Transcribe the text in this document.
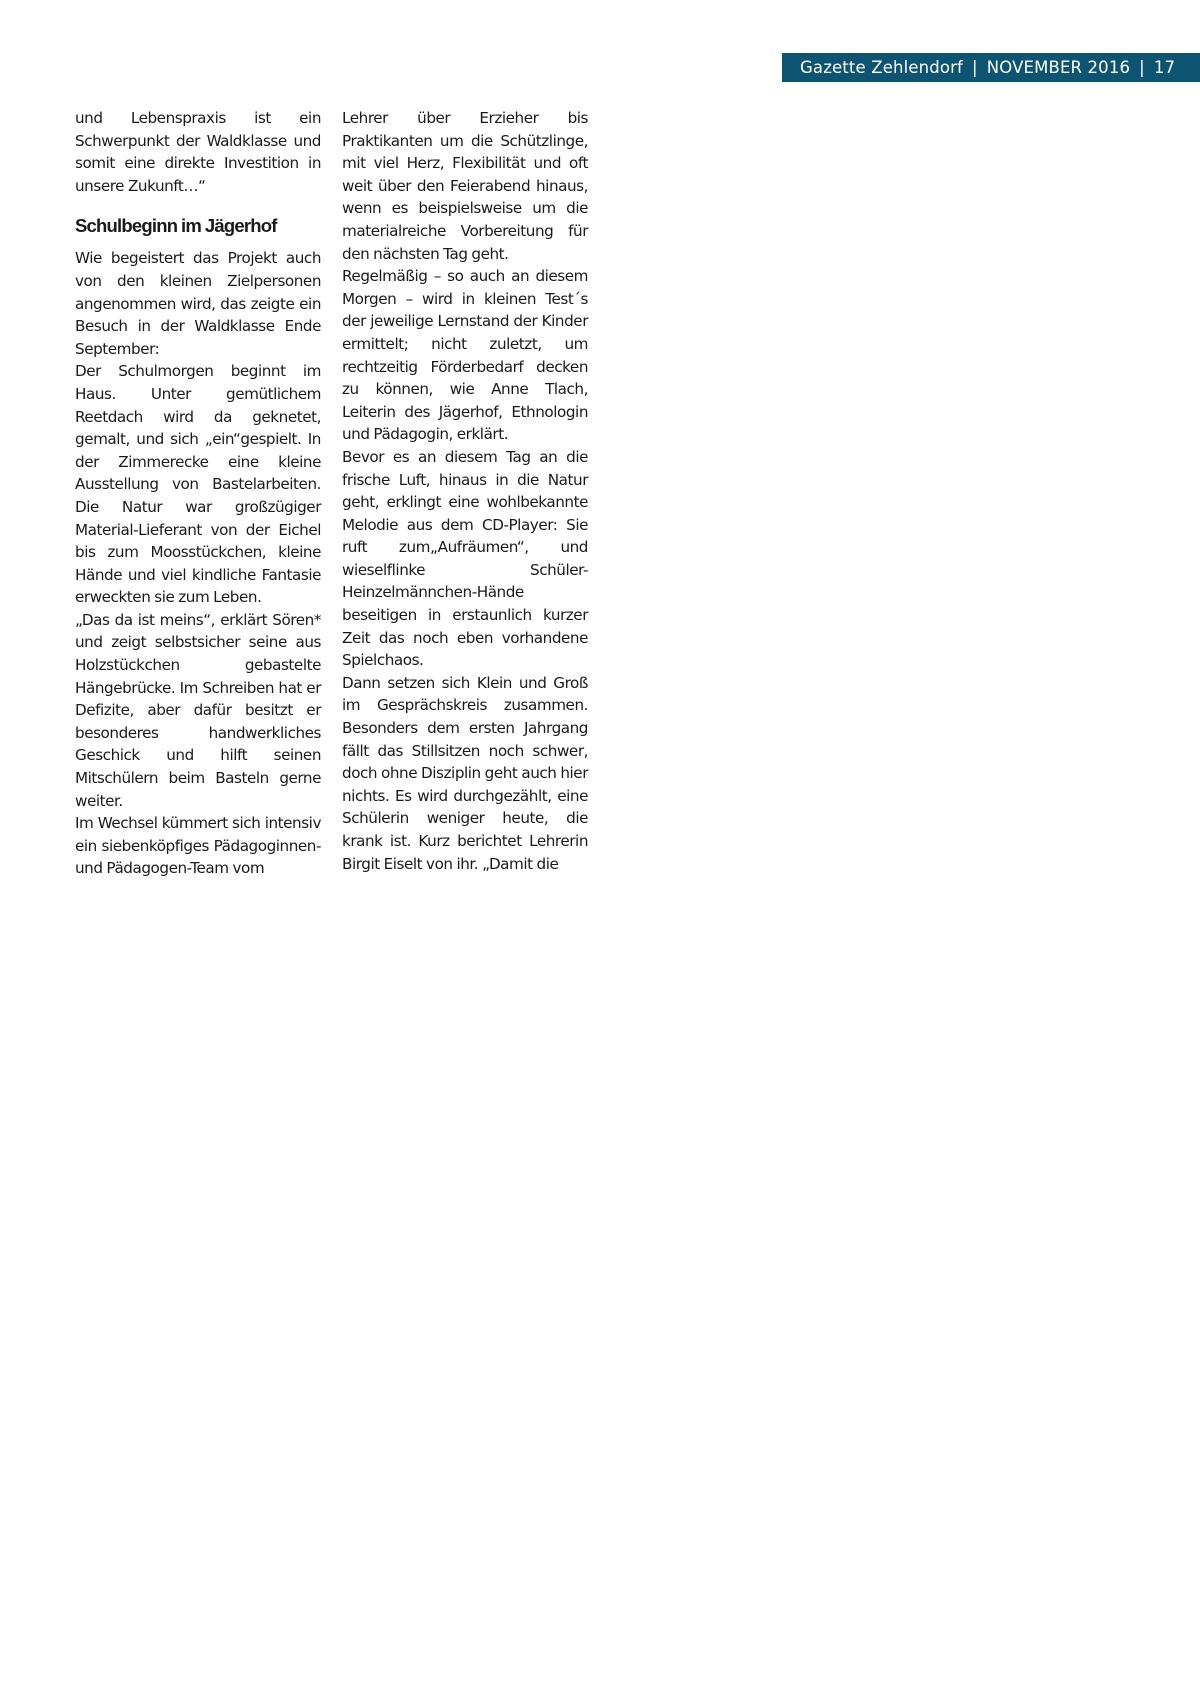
Gazette Zehlendorf | NOVEMBER 2016 | 17

und Lebenspraxis ist ein Schwerpunkt der Waldklasse und somit eine direkte Investition in unsere Zukunft…“

Schulbeginn im Jägerhof

Wie begeistert das Projekt auch von den kleinen Zielpersonen angenommen wird, das zeigte ein Besuch in der Waldklasse Ende September:

Der Schulmorgen beginnt im Haus. Unter gemütlichem Reetdach wird da geknetet, gemalt, und sich „ein“gespielt. In der Zimmerecke eine kleine Ausstellung von Bastelarbeiten. Die Natur war großzügiger Material-Lieferant von der Eichel bis zum Moosstückchen, kleine Hände und viel kindliche Fantasie erweckten sie zum Leben.

„Das da ist meins“, erklärt Sören* und zeigt selbstsicher seine aus Holzstückchen gebastelte Hängebrücke. Im Schreiben hat er Defizite, aber dafür besitzt er besonderes handwerkliches Geschick und hilft seinen Mitschülern beim Basteln gerne weiter.

Im Wechsel kümmert sich intensiv ein siebenköpfiges Pädagoginnen- und Pädagogen-Team vom

Lehrer über Erzieher bis Praktikanten um die Schützlinge, mit viel Herz, Flexibilität und oft weit über den Feierabend hinaus, wenn es beispielsweise um die materialreiche Vorbereitung für den nächsten Tag geht.

Regelmäßig – so auch an diesem Morgen – wird in kleinen Test´s der jeweilige Lernstand der Kinder ermittelt; nicht zuletzt, um rechtzeitig Förderbedarf decken zu können, wie Anne Tlach, Leiterin des Jägerhof, Ethnologin und Pädagogin, erklärt.

Bevor es an diesem Tag an die frische Luft, hinaus in die Natur geht, erklingt eine wohlbekannte Melodie aus dem CD-Player: Sie ruft zum„Aufräumen“, und wieselflinke Schüler-Heinzelmännchen-Hände beseitigen in erstaunlich kurzer Zeit das noch eben vorhandene Spielchaos.

Dann setzen sich Klein und Groß im Gesprächskreis zusammen. Besonders dem ersten Jahrgang fällt das Stillsitzen noch schwer, doch ohne Disziplin geht auch hier nichts. Es wird durchgezählt, eine Schülerin weniger heute, die krank ist. Kurz berichtet Lehrerin Birgit Eiselt von ihr. „Damit die
